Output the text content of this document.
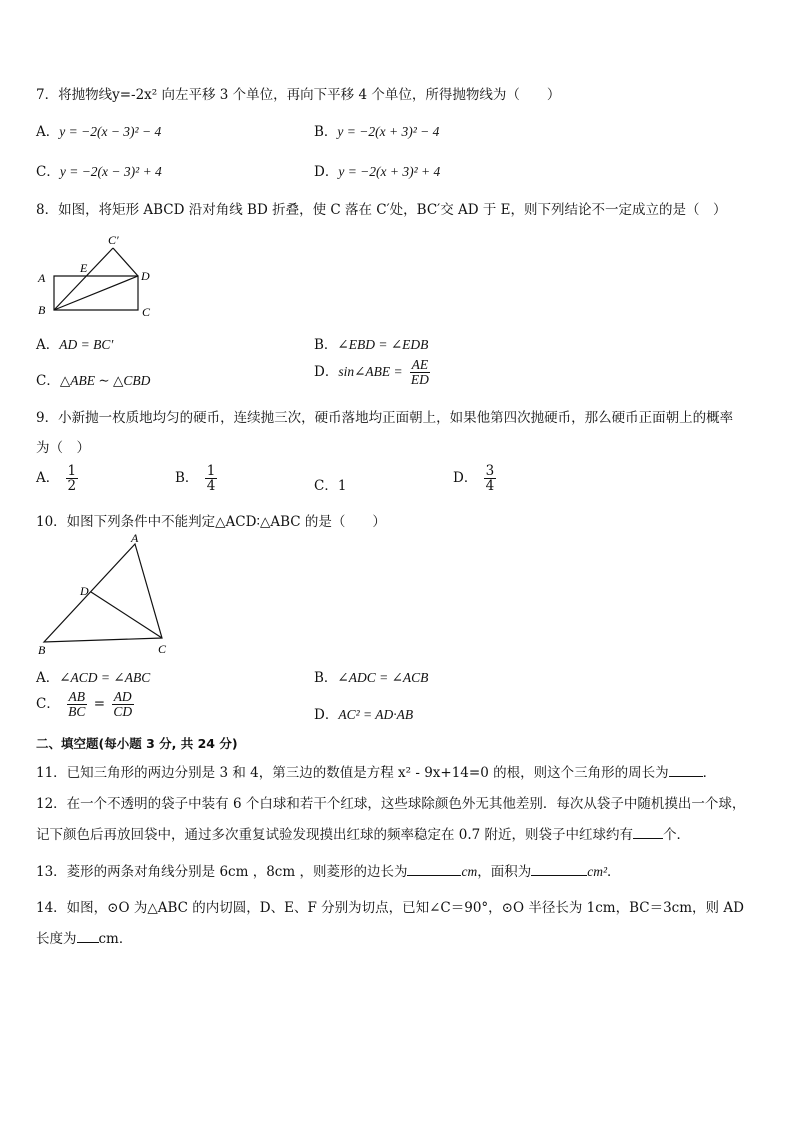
7．将抛物线y=-2x² 向左平移 3 个单位，再向下平移 4 个单位，所得抛物线为（　　）
A．y = −2(x − 3)² − 4	B．y = −2(x + 3)² − 4
C．y = −2(x − 3)² + 4	D．y = −2(x + 3)² + 4
8．如图，将矩形 ABCD 沿对角线 BD 折叠，使 C 落在 C′处，BC′交 AD 于 E，则下列结论不一定成立的是（　）
C′
A
E
D
B	C
A．AD = BC′	B．∠EBD = ∠EDB
C．△ABE ∼ △CBD
D．sin∠ABE = $\frac{AE}{ED}$
9．小新抛一枚质地均匀的硬币，连续抛三次，硬币落地均正面朝上，如果他第四次抛硬币，那么硬币正面朝上的概率
为（　）
A． $\frac{1}{2}$	B． $\frac{1}{4}$	C．1	D． $\frac{3}{4}$
10．如图下列条件中不能判定△ACD∶△ABC 的是（　　）
A
D
B	C
A．∠ACD = ∠ABC	B．∠ADC = ∠ACB
C． $\frac{AB}{BC} = \frac{AD}{CD}$	D．AC² = AD·AB
二、填空题(每小题 3 分, 共 24 分)
11．已知三角形的两边分别是 3 和 4，第三边的数值是方程 x² - 9x+14=0 的根，则这个三角形的周长为	．
12．在一个不透明的袋子中装有 6 个白球和若干个红球，这些球除颜色外无其他差别．每次从袋子中随机摸出一个球，
记下颜色后再放回袋中，通过多次重复试验发现摸出红球的频率稳定在 0.7 附近，则袋子中红球约有 个．
13．菱形的两条对角线分别是 6cm ，8cm ，则菱形的边长为	cm，面积为	cm²．
14．如图，⊙O 为△ABC 的内切圆，D、E、F 分别为切点，已知∠C＝90°，⊙O 半径长为 1cm，BC＝3cm，则 AD
长度为 cm．
